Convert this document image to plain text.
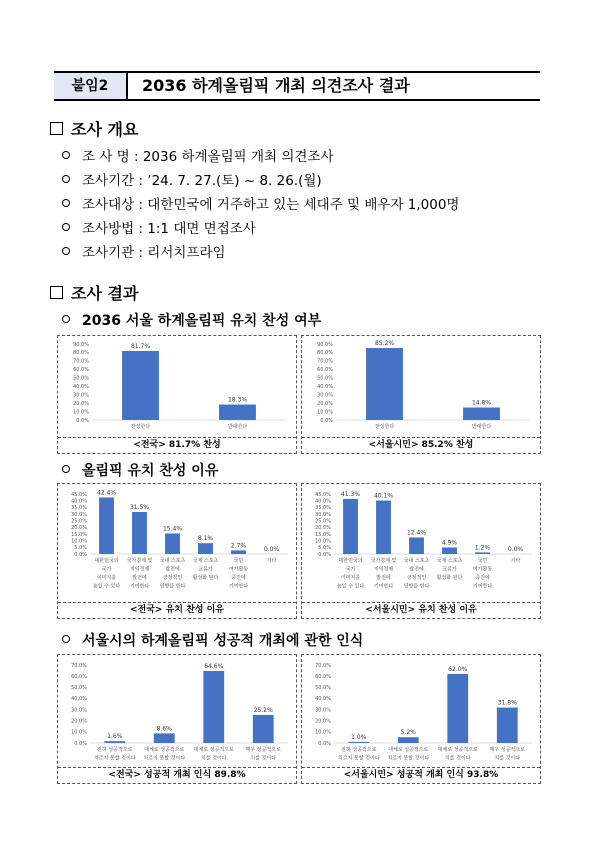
붙임2	2036 하계올림픽 개최 의견조사 결과
조사 개요
조 사 명 : 2036 하계올림픽 개최 의견조사
조사기간 : ’24. 7. 27.(토) ~ 8. 26.(월)
조사대상 : 대한민국에 거주하고 있는 세대주 및 배우자 1,000명
조사방법 : 1:1 대면 면접조사
조사기관 : 리서치프라임
조사 결과
2036 서울 하계올림픽 유치 찬성 여부
0.0%
10.0%
20.0%
30.0%
40.0%
50.0%
60.0%
70.0%
80.0%
90.0%	81.7%
찬성한다
18.3%
반대한다
<전국> 81.7% 찬성
0.0%
10.0%
20.0%
30.0%
40.0%
50.0%
60.0%
70.0%
80.0%
90.0%	85.2%
찬성한다
14.8%
반대한다
<서울시민> 85.2% 찬성
올림픽 유치 찬성 이유
0.0%
5.0%
10.0%
15.0%
20.0%
25.0%
30.0%
35.0%
40.0%
45.0% 42.4%
대한민국의 국가 이미지를 높일 수 있다
31.5%
국가경제 및 지역경제 발전에 기여한다
15.4%
국내 스포츠 발전에 긍정적인 영향을 한다
8.1%
국제 스포츠 교류가 활성화 된다
2.7%
국민 여가활동 증진에 기여한다
0.0%
기타
<전국> 유치 찬성 이유
0.0%
5.0%
10.0%
15.0%
20.0%
25.0%
30.0%
35.0%
40.0%
45.0% 41.3%
대한민국의 국가 이미지를 높일 수 있다
40.1%
국가경제 및 지역경제 발전에 기여한다
12.4%
국내 스포츠 발전에 긍정적인 영향을 한다
4.9%
국제 스포츠 교류가 활성화 된다
1.2%
국민 여가활동 증진에 기여한다
0.0%
기타
<서울시민> 유치 찬성 이유
서울시의 하계올림픽 성공적 개최에 관한 인식
0.0%
10.0%
20.0%
30.0%
40.0%
50.0%
60.0%
70.0%
1.6%
전혀 성공적으로 치르지 못할 것이다
8.6%
대체로 성공적으로 치르지 못할 것이다
64.6%
대체로 성공적으로 치를 것이다
25.2%
매우 성공적으로 치를 것이다
<전국> 성공적 개최 인식 89.8%
0.0%
10.0%
20.0%
30.0%
40.0%
50.0%
60.0%
70.0%
1.0%
전혀 성공적으로 치르지 못할 것이다
5.2%
대체로 성공적으로 치르지 못할 것이다
62.0%
대체로 성공적으로 치를 것이다
31.8%
매우 성공적으로 치를 것이다
<서울시민> 성공적 개최 인식 93.8%
